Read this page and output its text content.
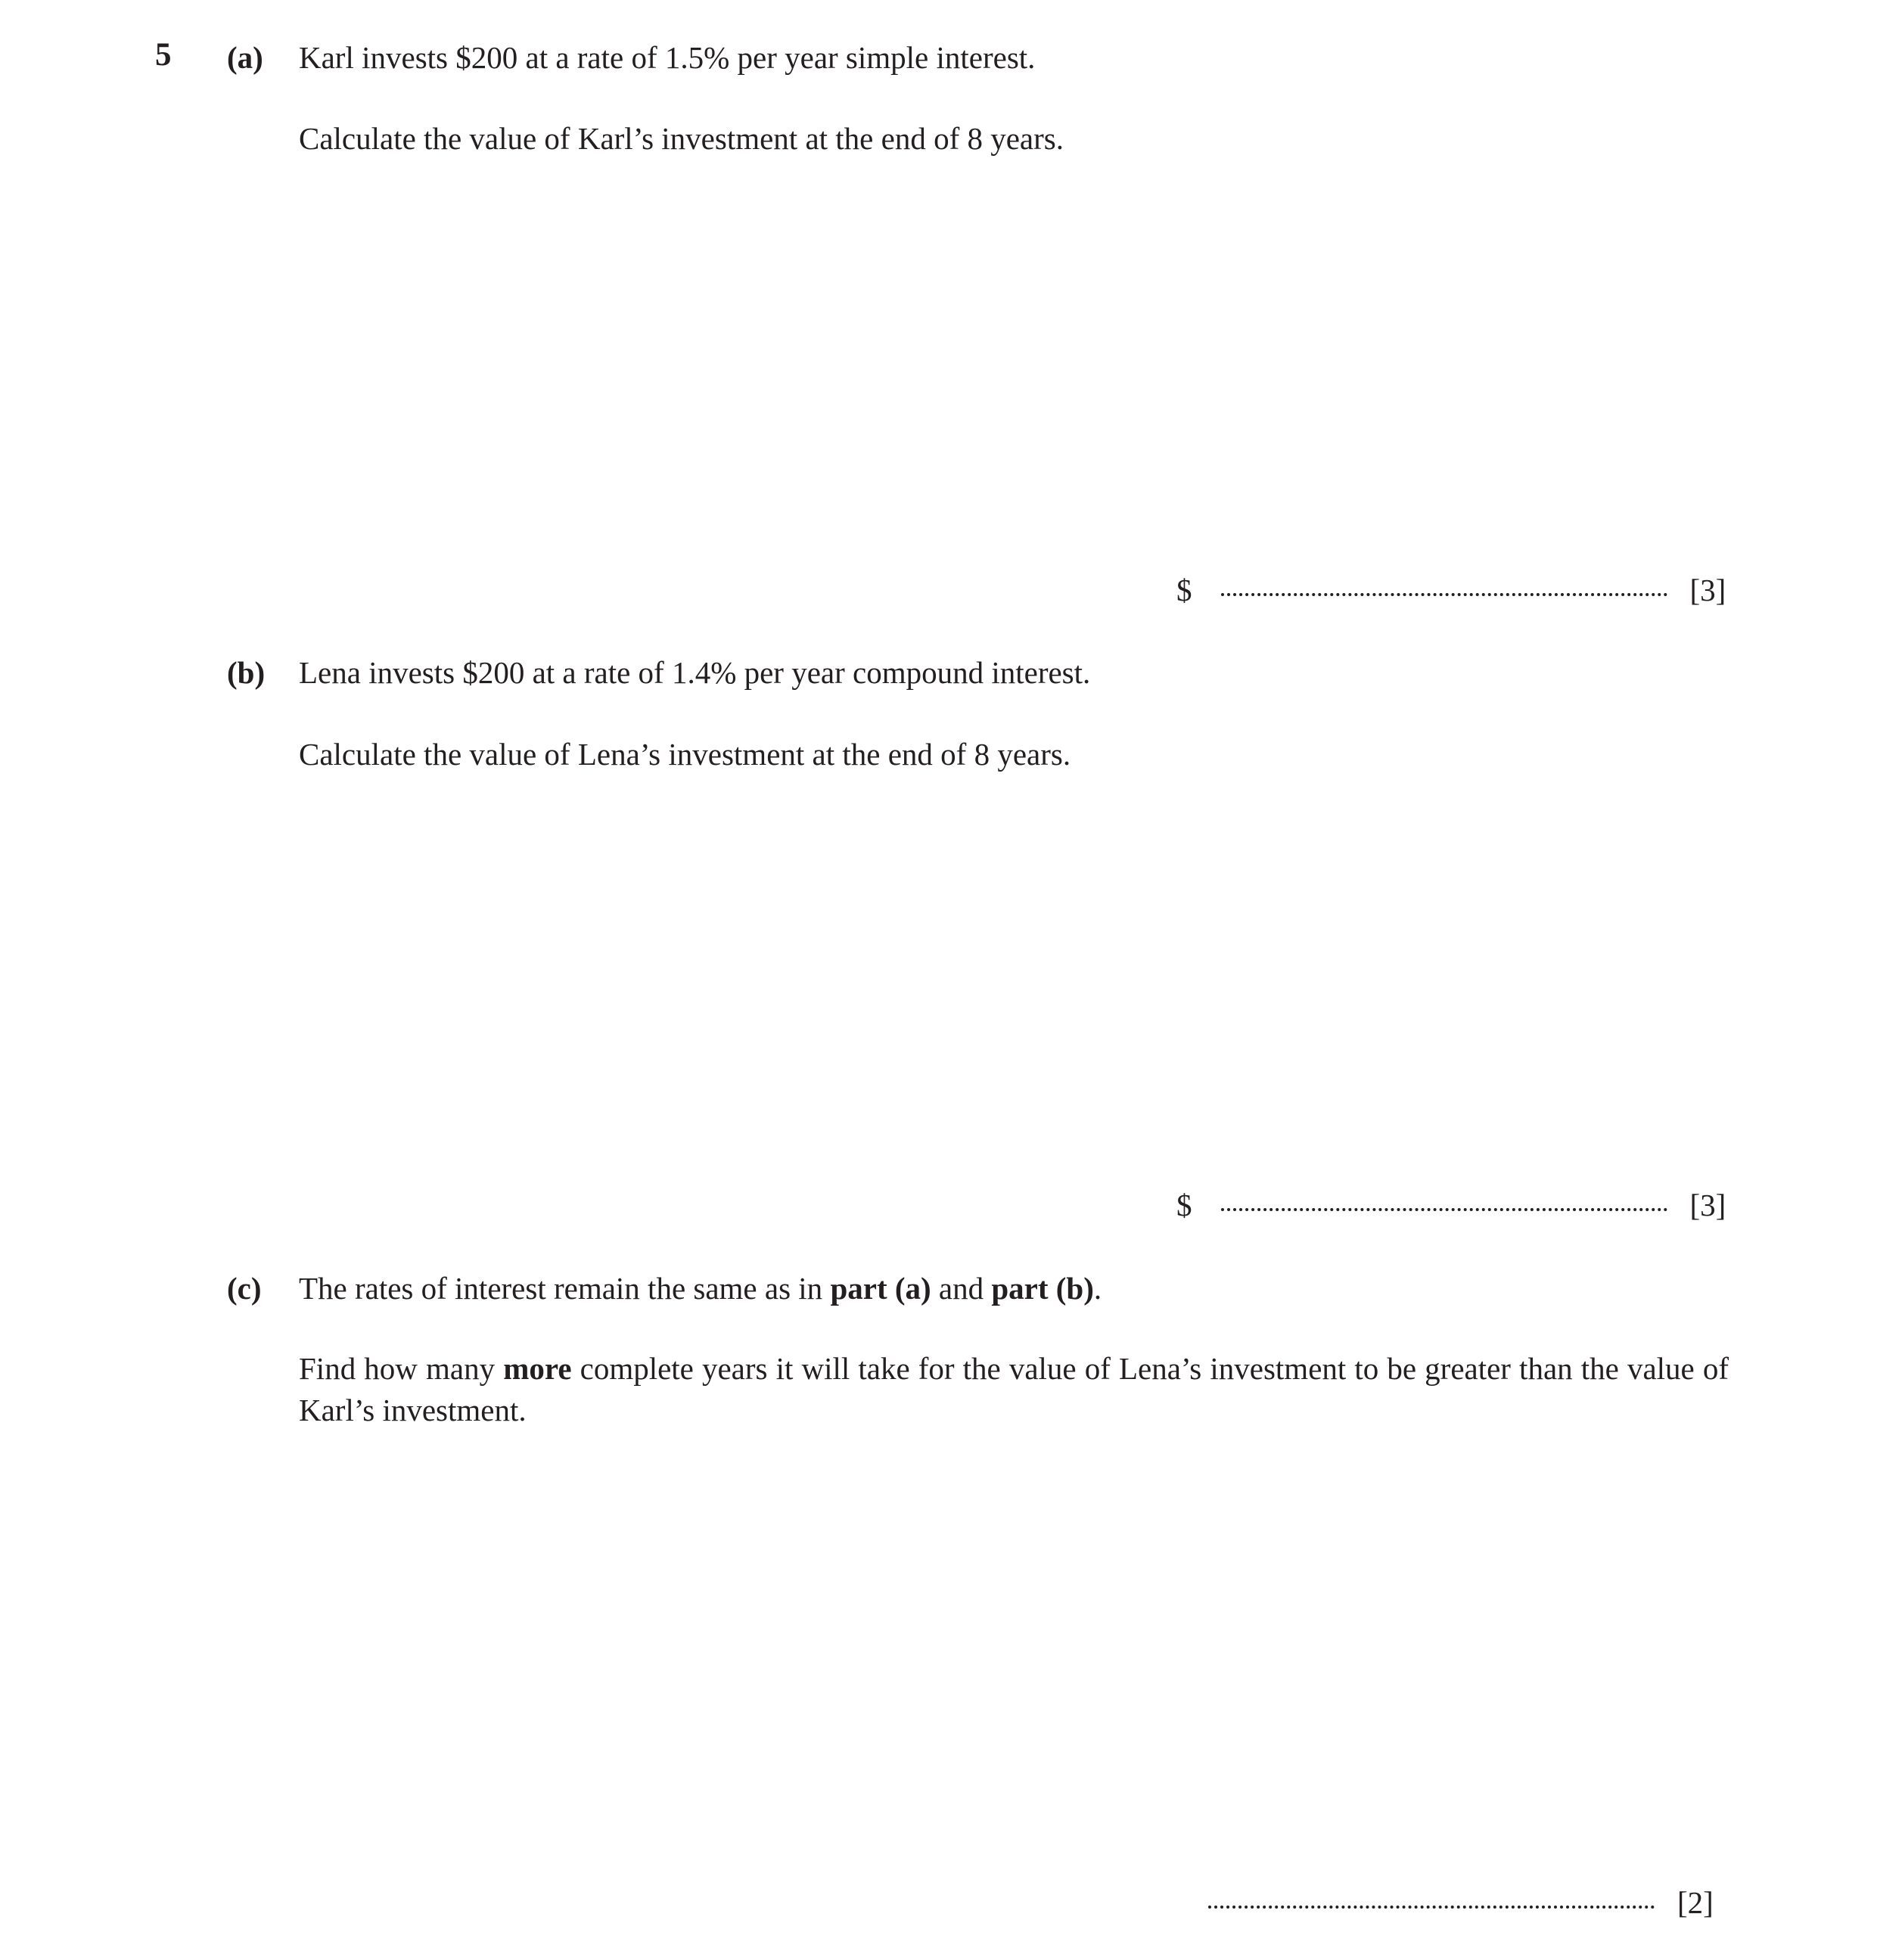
5 (a) Karl invests $200 at a rate of 1.5% per year simple interest.
Calculate the value of Karl’s investment at the end of 8 years.
$	[3]
(b) Lena invests $200 at a rate of 1.4% per year compound interest.
Calculate the value of Lena’s investment at the end of 8 years.
$	[3]
(c) The rates of interest remain the same as in part (a) and part (b).
Find how many more complete years it will take for the value of Lena’s investment to be greater than the value of Karl’s investment.
[2]
